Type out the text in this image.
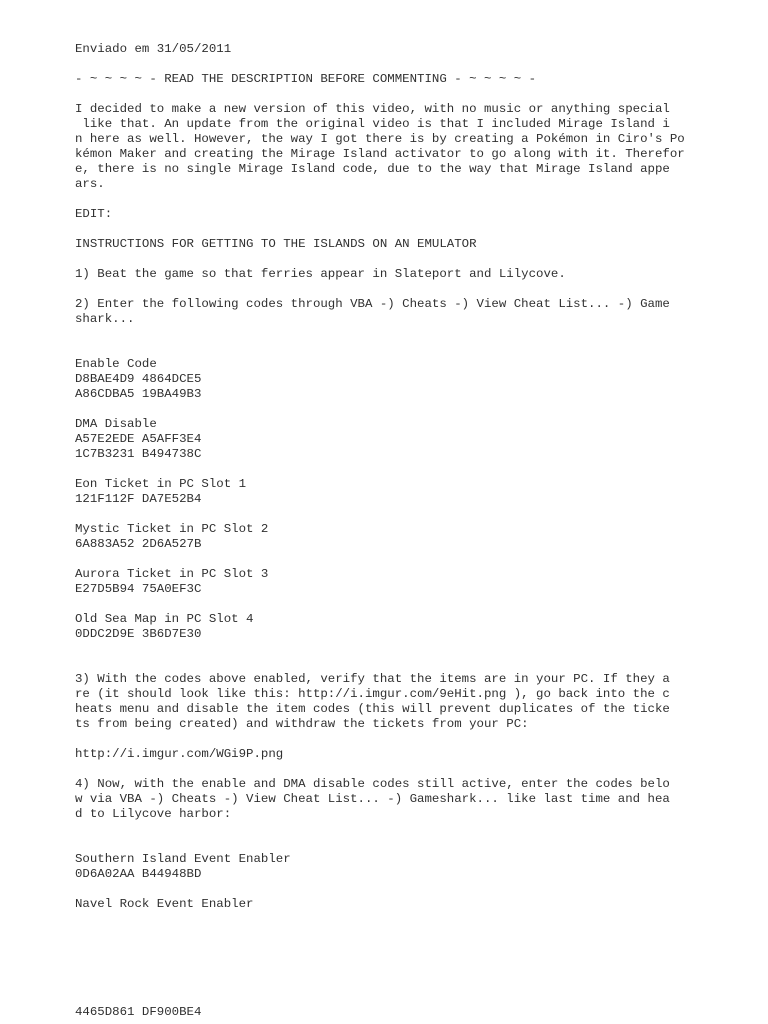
Enviado em 31/05/2011
- ~ ~ ~ ~ - READ THE DESCRIPTION BEFORE COMMENTING - ~ ~ ~ ~ -
I decided to make a new version of this video, with no music or anything special
like that. An update from the original video is that I included Mirage Island i
n here as well. However, the way I got there is by creating a Pokémon in Ciro's Po
kémon Maker and creating the Mirage Island activator to go along with it. Therefor
e, there is no single Mirage Island code, due to the way that Mirage Island appe
ars.
EDIT:
INSTRUCTIONS FOR GETTING TO THE ISLANDS ON AN EMULATOR
1) Beat the game so that ferries appear in Slateport and Lilycove.
2) Enter the following codes through VBA -) Cheats -) View Cheat List... -) Game
shark...
Enable Code
D8BAE4D9 4864DCE5
A86CDBA5 19BA49B3
DMA Disable
A57E2EDE A5AFF3E4
1C7B3231 B494738C
Eon Ticket in PC Slot 1
121F112F DA7E52B4
Mystic Ticket in PC Slot 2
6A883A52 2D6A527B
Aurora Ticket in PC Slot 3
E27D5B94 75A0EF3C
Old Sea Map in PC Slot 4
0DDC2D9E 3B6D7E30
3) With the codes above enabled, verify that the items are in your PC. If they a
re (it should look like this: http://i.imgur.com/9eHit.png ), go back into the c
heats menu and disable the item codes (this will prevent duplicates of the ticke
ts from being created) and withdraw the tickets from your PC:
http://i.imgur.com/WGi9P.png
4) Now, with the enable and DMA disable codes still active, enter the codes belo
w via VBA -) Cheats -) View Cheat List... -) Gameshark... like last time and hea
d to Lilycove harbor:
Southern Island Event Enabler
0D6A02AA B44948BD
Navel Rock Event Enabler
4465D861 DF900BE4
